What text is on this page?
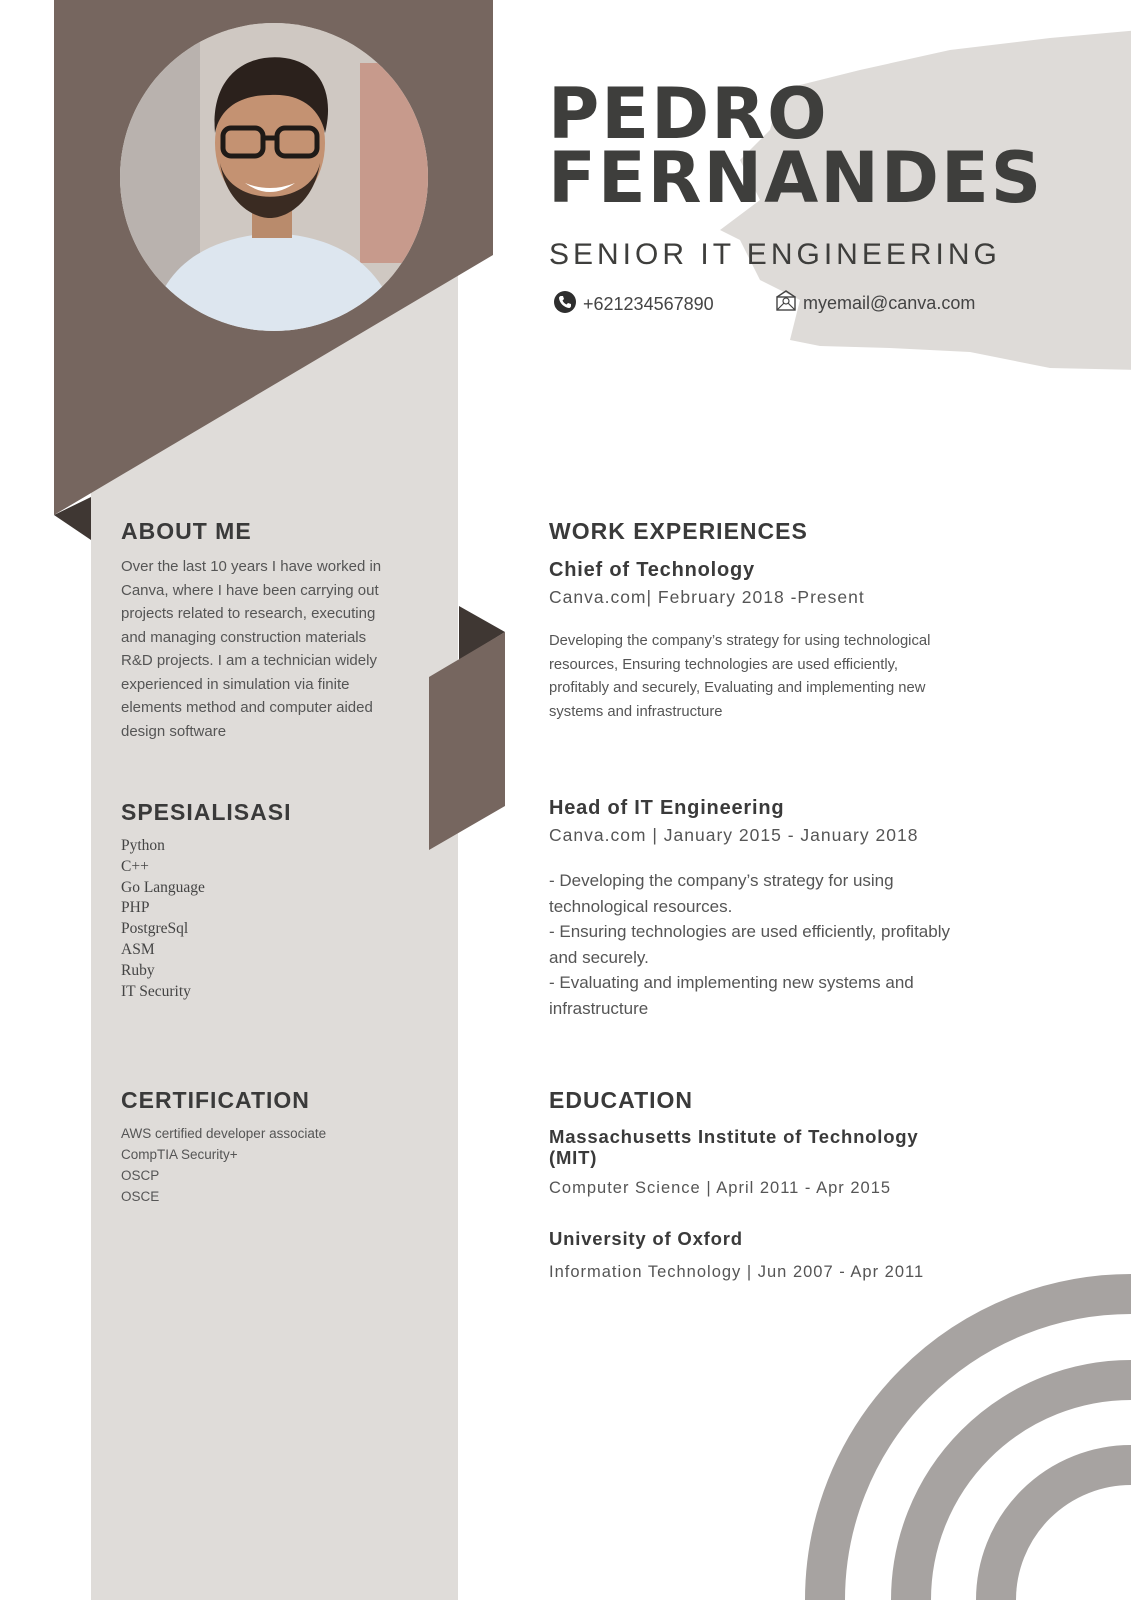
PEDRO
FERNANDES
SENIOR IT ENGINEERING
+621234567890	myemail@canva.com
ABOUT ME
Over the last 10 years I have worked in
Canva, where I have been carrying out
projects related to research, executing
and managing construction materials
R&D projects. I am a technician widely
experienced in simulation via finite
elements method and computer aided
design software
SPESIALISASI
Python
C++
Go Language
PHP
PostgreSql
ASM
Ruby
IT Security
CERTIFICATION
AWS certified developer associate
CompTIA Security+
OSCP
OSCE
WORK EXPERIENCES
Chief of Technology
Canva.com| February 2018 -Present
Developing the company’s strategy for using technological
resources, Ensuring technologies are used efficiently,
profitably and securely, Evaluating and implementing new
systems and infrastructure
Head of IT Engineering
Canva.com | January 2015 - January 2018
- Developing the company’s strategy for using
technological resources.
- Ensuring technologies are used efficiently, profitably
and securely.
- Evaluating and implementing new systems and
infrastructure
EDUCATION
Massachusetts Institute of Technology
(MIT)
Computer Science | April 2011 - Apr 2015
University of Oxford
Information Technology | Jun 2007 - Apr 2011
